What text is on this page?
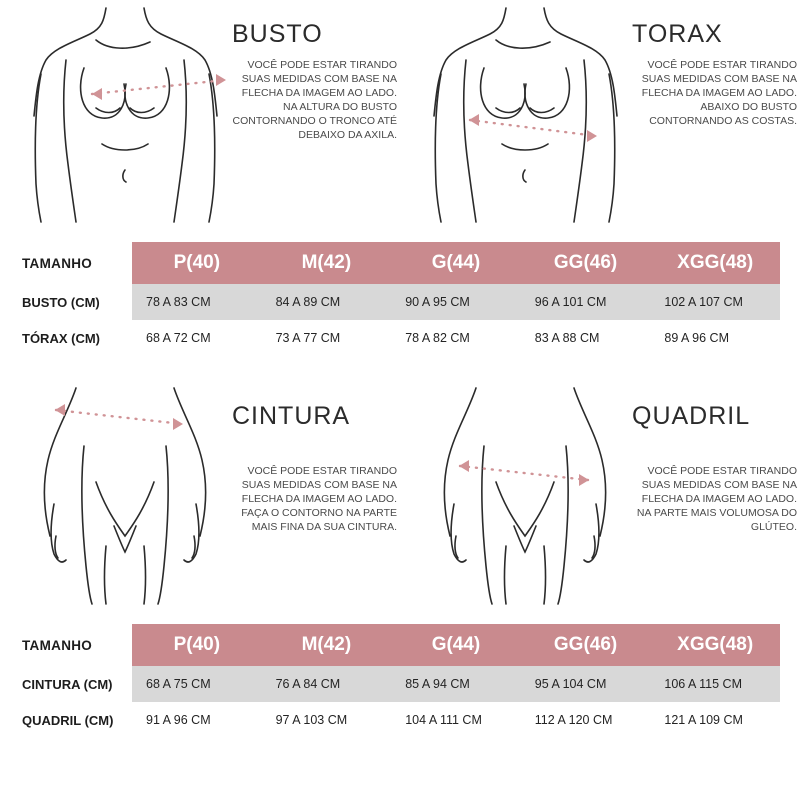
BUSTO
VOCÊ PODE ESTAR TIRANDO SUAS MEDIDAS COM BASE NA FLECHA DA IMAGEM AO LADO. NA ALTURA DO BUSTO CONTORNANDO O TRONCO ATÉ DEBAIXO DA AXILA.
TORAX
VOCÊ PODE ESTAR TIRANDO SUAS MEDIDAS COM BASE NA FLECHA DA IMAGEM AO LADO. ABAIXO DO BUSTO CONTORNANDO AS COSTAS.
TAMANHO	P(40)	M(42)	G(44)	GG(46)	XGG(48)
BUSTO (CM)	78 A 83 CM	84 A 89 CM	90 A 95 CM	96 A 101 CM	102 A 107 CM
TÓRAX (CM)	68 A 72 CM	73 A 77 CM	78 A 82 CM	83 A 88 CM	89 A 96 CM
CINTURA
VOCÊ PODE ESTAR TIRANDO SUAS MEDIDAS COM BASE NA FLECHA DA IMAGEM AO LADO. FAÇA O CONTORNO NA PARTE MAIS FINA DA SUA CINTURA.
QUADRIL
VOCÊ PODE ESTAR TIRANDO SUAS MEDIDAS COM BASE NA FLECHA DA IMAGEM AO LADO. NA PARTE MAIS VOLUMOSA DO GLÚTEO.
TAMANHO	P(40)	M(42)	G(44)	GG(46)	XGG(48)
CINTURA (CM)	68 A 75 CM	76 A 84 CM	85 A 94 CM	95 A 104 CM	106 A 115 CM
QUADRIL (CM)	91 A 96 CM	97 A 103 CM	104 A 111 CM	112 A 120 CM	121 A 109 CM
